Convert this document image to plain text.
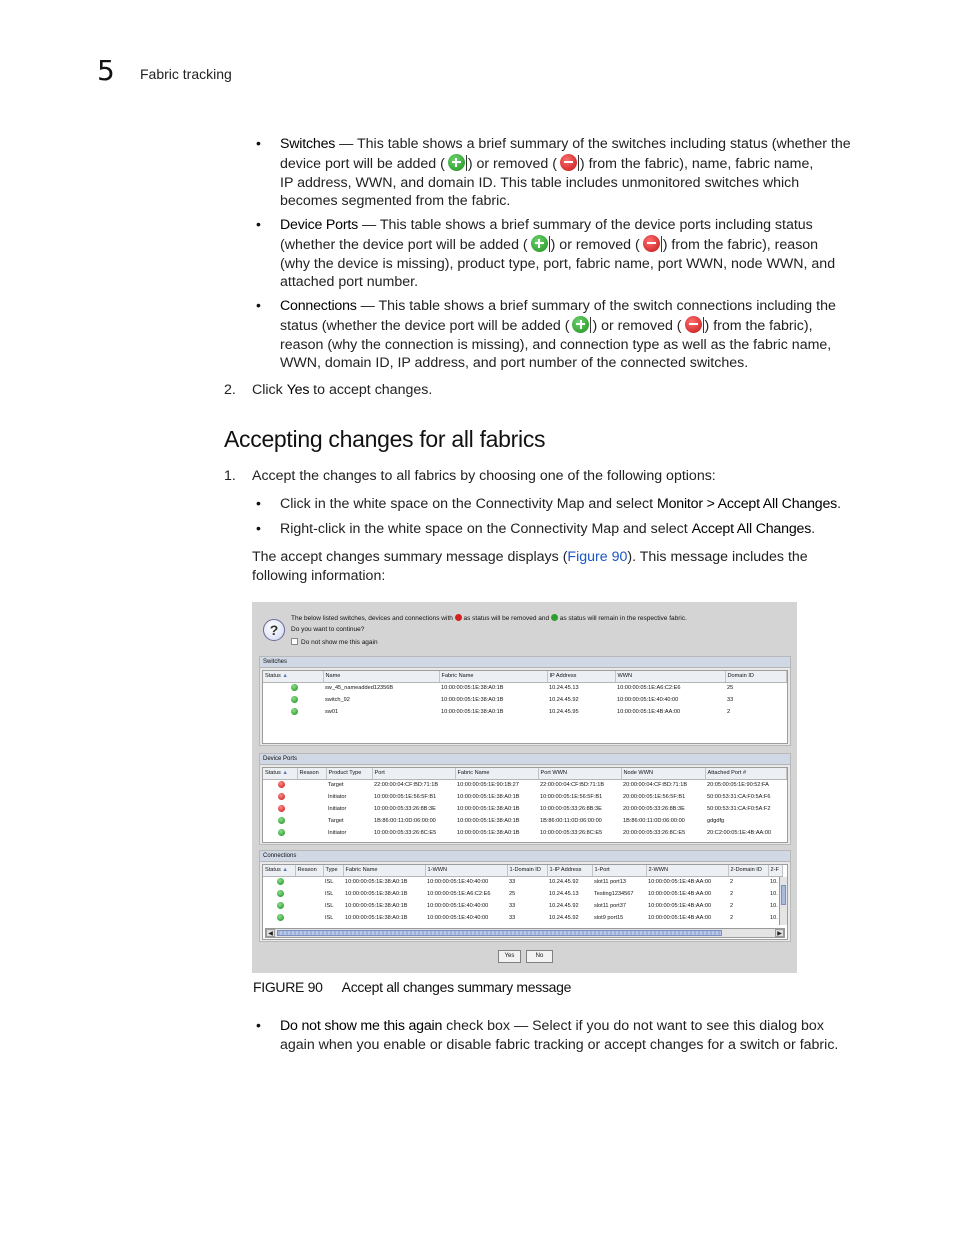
5 Fabric tracking
• Switches — This table shows a brief summary of the switches including status (whether the
device port will be added ( ) or removed ( ) from the fabric), name, fabric name,
IP address, WWN, and domain ID. This table includes unmonitored switches which
becomes segmented from the fabric.
• Device Ports — This table shows a brief summary of the device ports including status
(whether the device port will be added ( ) or removed ( ) from the fabric), reason
(why the device is missing), product type, port, fabric name, port WWN, node WWN, and
attached port number.
• Connections — This table shows a brief summary of the switch connections including the
status (whether the device port will be added ( ) or removed ( ) from the fabric),
reason (why the connection is missing), and connection type as well as the fabric name,
WWN, domain ID, IP address, and port number of the connected switches.
2. Click Yes to accept changes.
Accepting changes for all fabrics
1. Accept the changes to all fabrics by choosing one of the following options:
• Click in the white space on the Connectivity Map and select Monitor > Accept All Changes.
• Right-click in the white space on the Connectivity Map and select Accept All Changes.
The accept changes summary message displays (Figure 90). This message includes the
following information:
?
The below listed switches, devices and connections with  as status will be removed and  as status will remain in the respective fabric.
Do you want to continue?
Do not show me this again
Switches
Status ▲	Name	Fabric Name	IP Address	WWN	Domain ID
	sw_45_nameadded12356B	10:00:00:05:1E:38:A0:1B	10.24.45.13	10:00:00:05:1E:A6:C2:E6	25
	switch_92	10:00:00:05:1E:38:A0:1B	10.24.45.92	10:00:00:05:1E:40:40:00	33
	sw01	10:00:00:05:1E:38:A0:1B	10.24.45.95	10:00:00:05:1E:4B:AA:00	2
Device Ports
Status ▲	Reason	Product Type	Port	Fabric Name	Port WWN	Node WWN	Attached Port #
		Target	22:00:00:04:CF:BD:71:1B	10:00:00:05:1E:90:1B:27	22:00:00:04:CF:BD:71:1B	20:00:00:04:CF:BD:71:1B	20:05:00:05:1E:90:52:FA
		Initiator	10:00:00:05:1E:56:5F:B1	10:00:00:05:1E:38:A0:1B	10:00:00:05:1E:56:5F:B1	20:00:00:05:1E:56:5F:B1	50:00:53:31:CA:F0:5A:F6
		Initiator	10:00:00:05:33:26:8B:3E	10:00:00:05:1E:38:A0:1B	10:00:00:05:33:26:8B:3E	20:00:00:05:33:26:8B:3E	50:00:53:31:CA:F0:5A:F2
		Target	1B:86:00:11:0D:06:00:00	10:00:00:05:1E:38:A0:1B	1B:86:00:11:0D:06:00:00	1B:86:00:11:0D:06:00:00	gdgdfg
		Initiator	10:00:00:05:33:26:8C:E5	10:00:00:05:1E:38:A0:1B	10:00:00:05:33:26:8C:E5	20:00:00:05:33:26:8C:E5	20:C2:00:05:1E:4B:AA:00
Connections
Status ▲	Reason	Type	Fabric Name	1-WWN	1-Domain ID	1-IP Address	1-Port	2-WWN	2-Domain ID	2-F
		ISL	10:00:00:05:1E:38:A0:1B	10:00:00:05:1E:40:40:00	33	10.24.45.92	slot11 port13	10:00:00:05:1E:4B:AA:00	2	10.
		ISL	10:00:00:05:1E:38:A0:1B	10:00:00:05:1E:A6:C2:E6	25	10.24.45.13	Testing1234567	10:00:00:05:1E:4B:AA:00	2	10.
		ISL	10:00:00:05:1E:38:A0:1B	10:00:00:05:1E:40:40:00	33	10.24.45.92	slot11 port37	10:00:00:05:1E:4B:AA:00	2	10.
		ISL	10:00:00:05:1E:38:A0:1B	10:00:00:05:1E:40:40:00	33	10.24.45.92	slot9 port15	10:00:00:05:1E:4B:AA:00	2	10.
◀	▶
Yes	No
FIGURE 90 Accept all changes summary message
• Do not show me this again check box — Select if you do not want to see this dialog box
again when you enable or disable fabric tracking or accept changes for a switch or fabric.
